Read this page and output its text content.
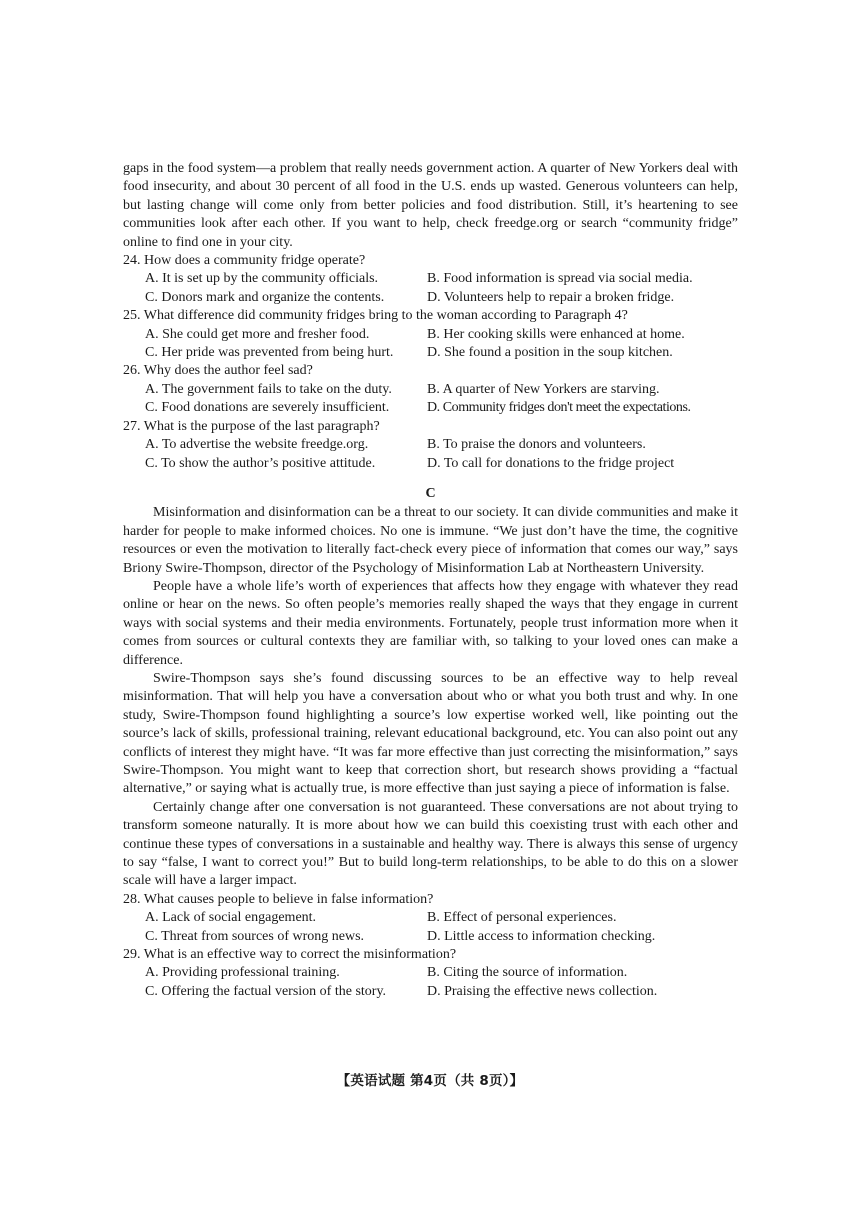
gaps in the food system—a problem that really needs government action. A quarter of New Yorkers deal with food insecurity, and about 30 percent of all food in the U.S. ends up wasted. Generous volunteers can help, but lasting change will come only from better policies and food distribution. Still, it’s heartening to see communities look after each other. If you want to help, check freedge.org or search “community fridge” online to find one in your city.

24. How does a community fridge operate?

A. It is set up by the community officials.	B. Food information is spread via social media.
C. Donors mark and organize the contents.	D. Volunteers help to repair a broken fridge.

25. What difference did community fridges bring to the woman according to Paragraph 4?

A. She could get more and fresher food.	B. Her cooking skills were enhanced at home.
C. Her pride was prevented from being hurt.	D. She found a position in the soup kitchen.

26. Why does the author feel sad?

A. The government fails to take on the duty.	B. A quarter of New Yorkers are starving.
C. Food donations are severely insufficient.	D. Community fridges don't meet the expectations.

27. What is the purpose of the last paragraph?

A. To advertise the website freedge.org.	B. To praise the donors and volunteers.
C. To show the author’s positive attitude.	D. To call for donations to the fridge project
C

Misinformation and disinformation can be a threat to our society. It can divide communities and make it harder for people to make informed choices. No one is immune. “We just don’t have the time, the cognitive resources or even the motivation to literally fact-check every piece of information that comes our way,” says Briony Swire-Thompson, director of the Psychology of Misinformation Lab at Northeastern University.

People have a whole life’s worth of experiences that affects how they engage with whatever they read online or hear on the news. So often people’s memories really shaped the ways that they engage in current ways with social systems and their media environments. Fortunately, people trust information more when it comes from sources or cultural contexts they are familiar with, so talking to your loved ones can make a difference.

Swire-Thompson says she’s found discussing sources to be an effective way to help reveal misinformation. That will help you have a conversation about who or what you both trust and why. In one study, Swire-Thompson found highlighting a source’s low expertise worked well, like pointing out the source’s lack of skills, professional training, relevant educational background, etc. You can also point out any conflicts of interest they might have. “It was far more effective than just correcting the misinformation,” says Swire-Thompson. You might want to keep that correction short, but research shows providing a “factual alternative,” or saying what is actually true, is more effective than just saying a piece of information is false.

Certainly change after one conversation is not guaranteed. These conversations are not about trying to transform someone naturally. It is more about how we can build this coexisting trust with each other and continue these types of conversations in a sustainable and healthy way. There is always this sense of urgency to say “false, I want to correct you!” But to build long-term relationships, to be able to do this on a slower scale will have a larger impact.

28. What causes people to believe in false information?

A. Lack of social engagement.	B. Effect of personal experiences.
C. Threat from sources of wrong news.	D. Little access to information checking.

29. What is an effective way to correct the misinformation?

A. Providing professional training.	B. Citing the source of information.
C. Offering the factual version of the story.	D. Praising the effective news collection.
【英语试题 第4页（共 8页）】
